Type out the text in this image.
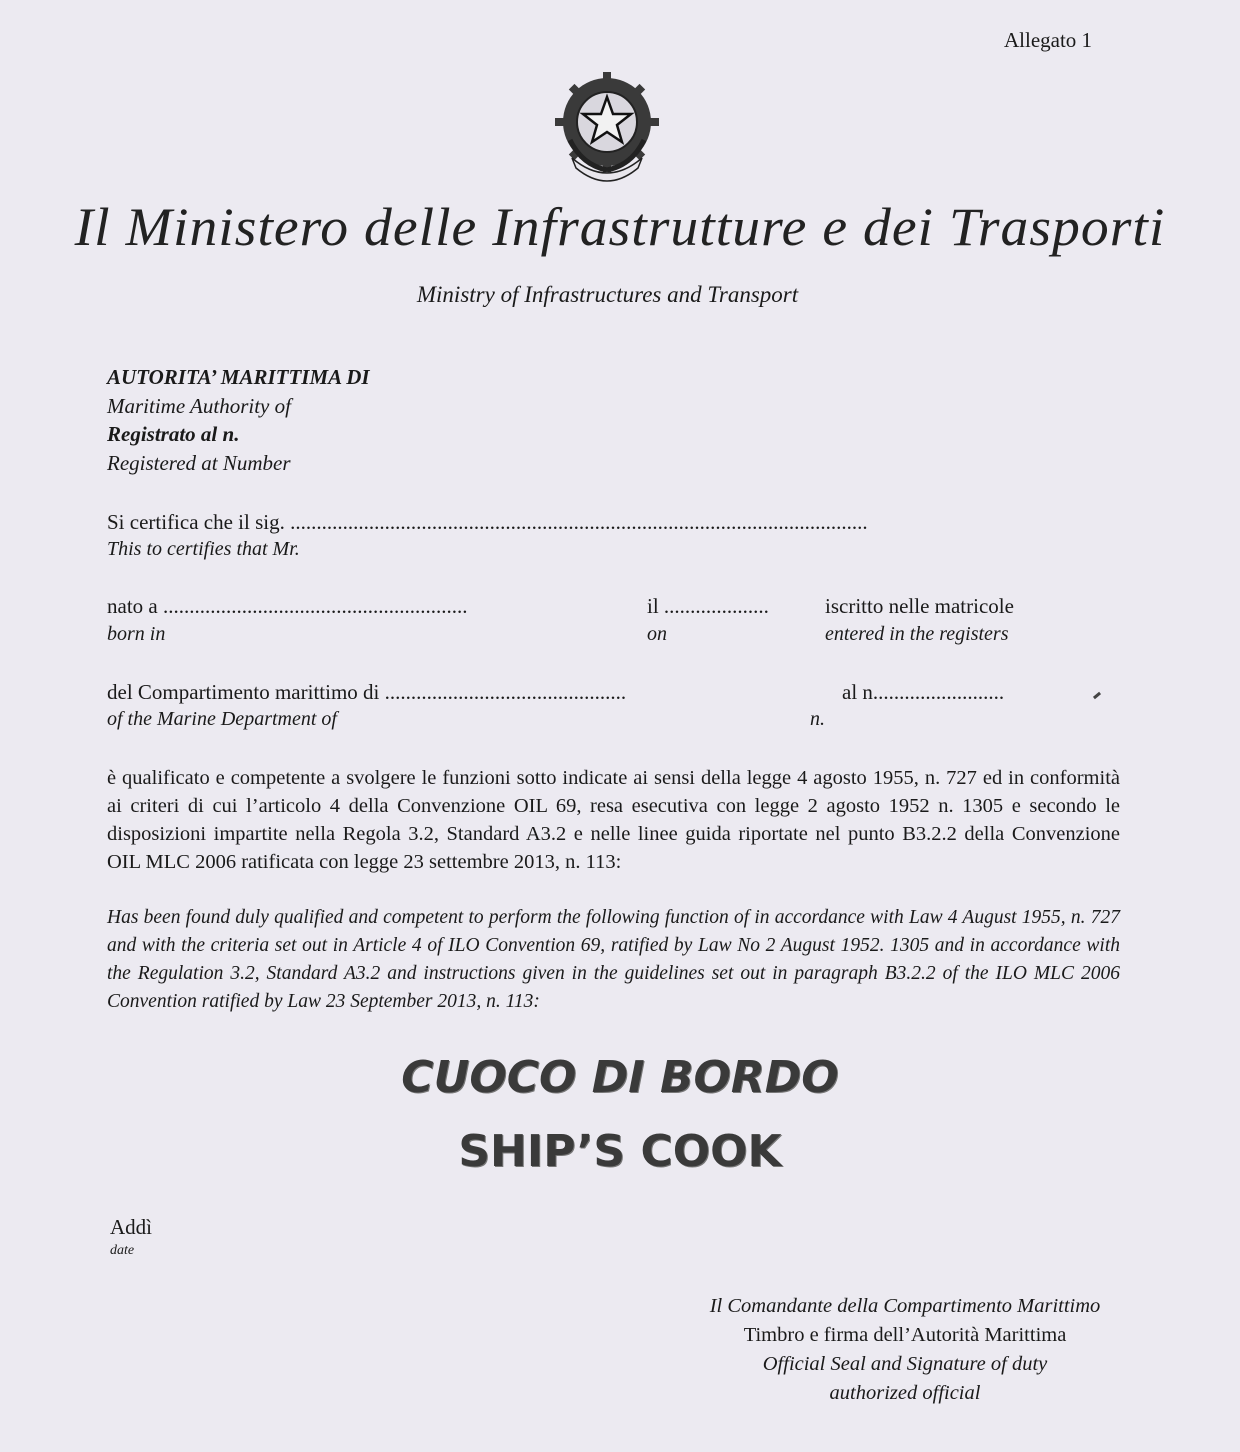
Allegato 1
Il Ministero delle Infrastrutture e dei Trasporti
Ministry of Infrastructures and Transport
AUTORITA’ MARITTIMA DI
Maritime Authority of
Registrato al n.
Registered at Number
Si certifica che il sig. ..............................................................................................................
This to certifies that Mr.
nato a ..........................................................
born in
il ....................
on
iscritto nelle matricole
entered in the registers
del Compartimento marittimo di ..............................................
of the Marine Department of
al n.........................
n.
è qualificato e competente a svolgere le funzioni sotto indicate ai sensi della legge 4 agosto 1955, n. 727 ed in conformità ai criteri di cui l’articolo 4 della Convenzione OIL 69, resa esecutiva con legge 2 agosto 1952 n. 1305 e secondo le disposizioni impartite nella Regola 3.2, Standard A3.2 e nelle linee guida riportate nel punto B3.2.2 della Convenzione OIL MLC 2006 ratificata con legge 23 settembre 2013, n. 113:
Has been found duly qualified and competent to perform the following function of in accordance with Law 4 August 1955, n. 727 and with the criteria set out in Article 4 of ILO Convention 69, ratified by Law No 2 August 1952. 1305 and in accordance with the Regulation 3.2, Standard A3.2 and instructions given in the guidelines set out in paragraph B3.2.2 of the ILO MLC 2006 Convention ratified by Law 23 September 2013, n. 113:
CUOCO DI BORDO
SHIP’S COOK
Addì
date
Il Comandante della Compartimento Marittimo
Timbro e firma dell’Autorità Marittima
Official Seal and Signature of duty
authorized official
